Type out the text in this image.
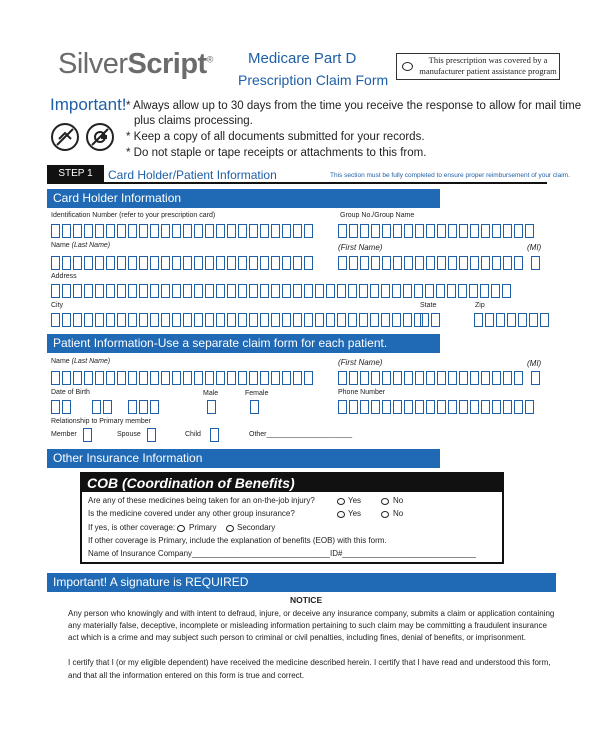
SilverScript® Medicare Part D
Prescription Claim Form
This prescription was covered by a manufacturer patient assistance program
Important! * Always allow up to 30 days from the time you receive the response to allow for mail time
plus claims processing.
* Keep a copy of all documents submitted for your records.
* Do not staple or tape receipts or attachments to this from.
STEP 1	Card Holder/Patient Information	This section must be fully completed to ensure proper reimbursement of your claim.
Card Holder Information
Identification Number (refer to your prescription card)	Group No./Group Name
Name (Last Name)	(First Name)	(MI)
Address
City	State	Zip
Patient Information-Use a separate claim form for each patient.
Name (Last Name)	(First Name)	(MI)
Date of Birth	Male	Female	Phone Number
Relationship to Primary member
Member	Spouse	Child	Other______________________
Other Insurance Information
COB (Coordination of Benefits)
Are any of these medicines being taken for an on-the-job injury?	Yes	No
Is the medicine covered under any other group insurance?	Yes	No
If yes, is other coverage: Primary	Secondary
If other coverage is Primary, include the explanation of benefits (EOB) with this form.
Name of Insurance Company_______________________________ID#______________________________
Important! A signature is REQUIRED
NOTICE
Any person who knowingly and with intent to defraud, injure, or deceive any insurance company, submits a claim or application containing
any materially false, deceptive, incomplete or misleading information pertaining to such claim may be committing a fraudulent insurance
act which is a crime and may subject such person to criminal or civil penalties, including fines, denial of benefits, or imprisonment.
I certify that I (or my eligible dependent) have received the medicine described herein. I certify that I have read and understood this form,
and that all the information entered on this form is true and correct.
